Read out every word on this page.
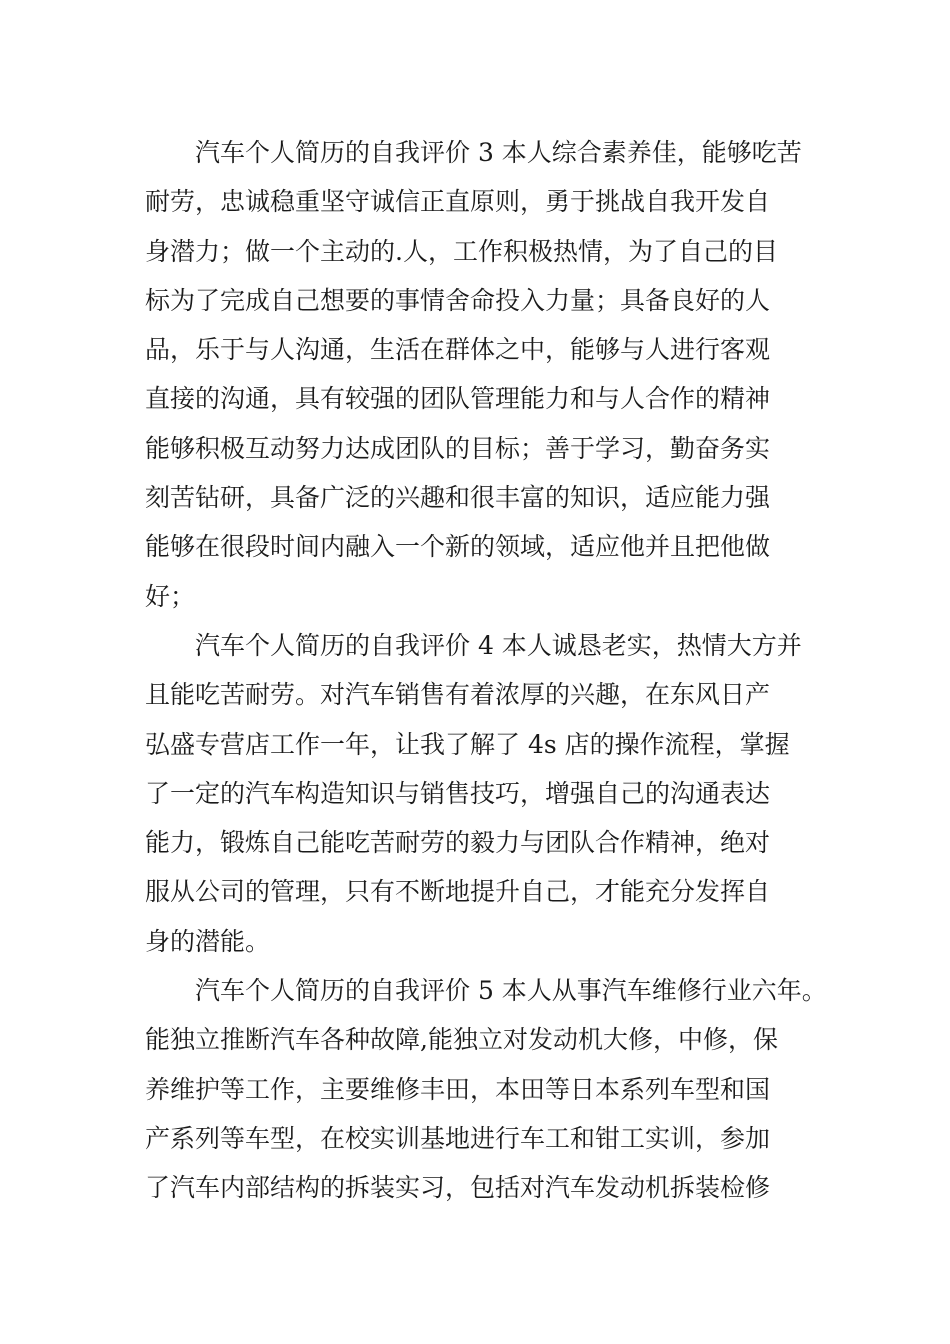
汽车个人简历的自我评价 3 本人综合素养佳，能够吃苦
耐劳，忠诚稳重坚守诚信正直原则，勇于挑战自我开发自
身潜力；做一个主动的.人，工作积极热情，为了自己的目
标为了完成自己想要的事情舍命投入力量；具备良好的人
品，乐于与人沟通，生活在群体之中，能够与人进行客观
直接的沟通，具有较强的团队管理能力和与人合作的精神
能够积极互动努力达成团队的目标；善于学习，勤奋务实
刻苦钻研，具备广泛的兴趣和很丰富的知识，适应能力强
能够在很段时间内融入一个新的领域，适应他并且把他做
好；
汽车个人简历的自我评价 4 本人诚恳老实，热情大方并
且能吃苦耐劳。对汽车销售有着浓厚的兴趣，在东风日产
弘盛专营店工作一年，让我了解了 4s 店的操作流程，掌握
了一定的汽车构造知识与销售技巧，增强自己的沟通表达
能力，锻炼自己能吃苦耐劳的毅力与团队合作精神，绝对
服从公司的管理，只有不断地提升自己，才能充分发挥自
身的潜能。
汽车个人简历的自我评价 5 本人从事汽车维修行业六年。
能独立推断汽车各种故障,能独立对发动机大修，中修，保
养维护等工作，主要维修丰田，本田等日本系列车型和国
产系列等车型，在校实训基地进行车工和钳工实训，参加
了汽车内部结构的拆装实习，包括对汽车发动机拆装检修
